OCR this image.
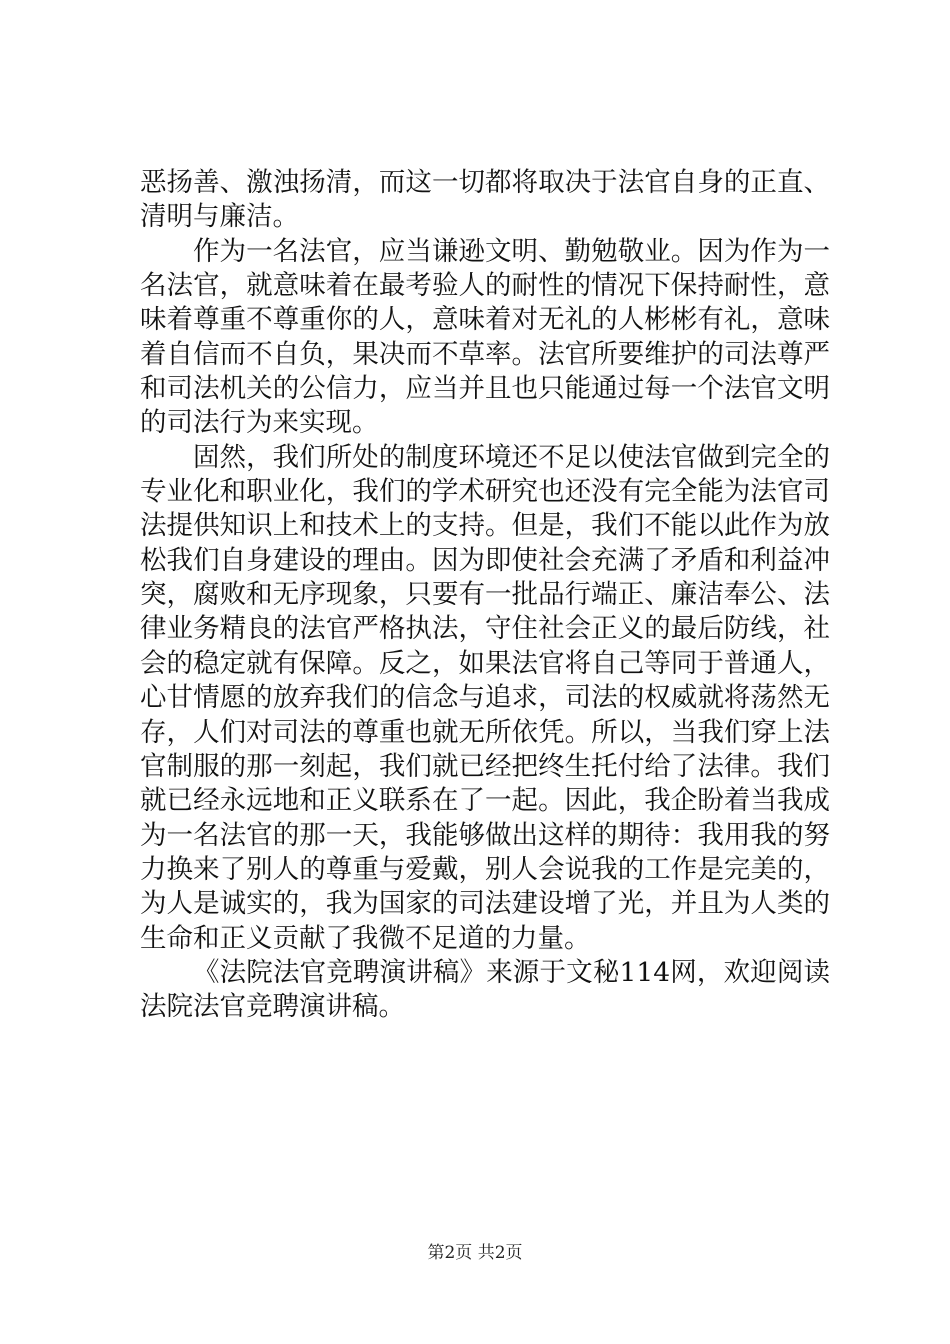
恶扬善、激浊扬清，而这一切都将取决于法官自身的正直、清明与廉洁。

作为一名法官，应当谦逊文明、勤勉敬业。因为作为一名法官，就意味着在最考验人的耐性的情况下保持耐性，意味着尊重不尊重你的人，意味着对无礼的人彬彬有礼，意味着自信而不自负，果决而不草率。法官所要维护的司法尊严和司法机关的公信力，应当并且也只能通过每一个法官文明的司法行为来实现。

固然，我们所处的制度环境还不足以使法官做到完全的专业化和职业化，我们的学术研究也还没有完全能为法官司法提供知识上和技术上的支持。但是，我们不能以此作为放松我们自身建设的理由。因为即使社会充满了矛盾和利益冲突，腐败和无序现象，只要有一批品行端正、廉洁奉公、法律业务精良的法官严格执法，守住社会正义的最后防线，社会的稳定就有保障。反之，如果法官将自己等同于普通人，心甘情愿的放弃我们的信念与追求，司法的权威就将荡然无存，人们对司法的尊重也就无所依凭。所以，当我们穿上法官制服的那一刻起，我们就已经把终生托付给了法律。我们就已经永远地和正义联系在了一起。因此，我企盼着当我成为一名法官的那一天，我能够做出这样的期待：我用我的努力换来了别人的尊重与爱戴，别人会说我的工作是完美的，为人是诚实的，我为国家的司法建设增了光，并且为人类的生命和正义贡献了我微不足道的力量。

《法院法官竞聘演讲稿》来源于文秘114网，欢迎阅读法院法官竞聘演讲稿。

第2页 共2页
